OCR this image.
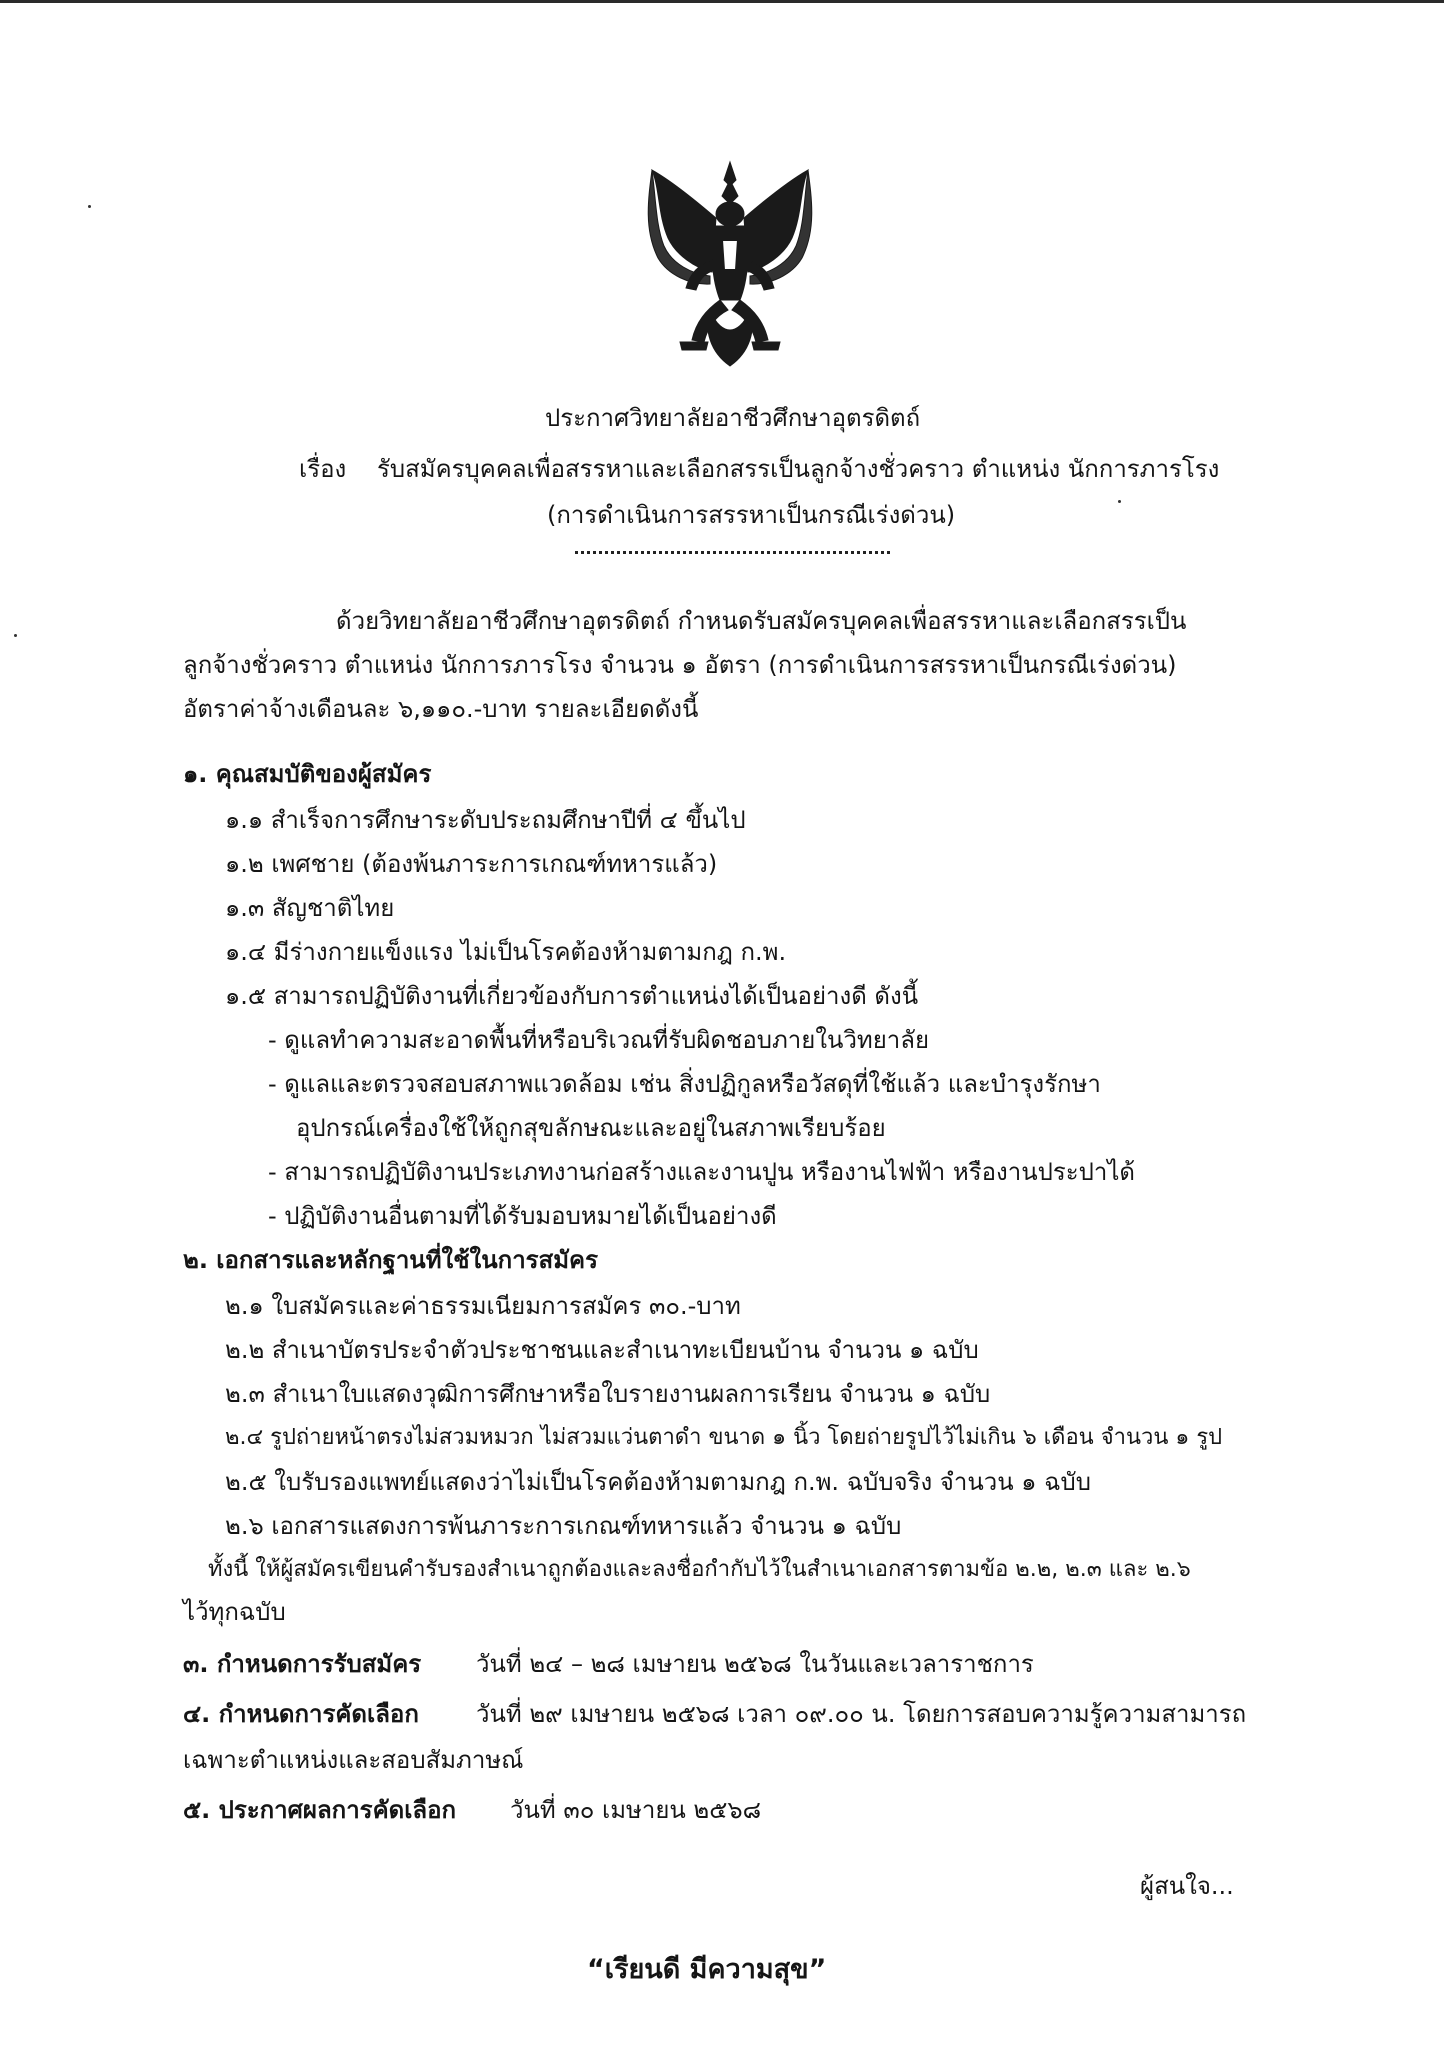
ประกาศวิทยาลัยอาชีวศึกษาอุตรดิตถ์
เรื่อง รับสมัครบุคคลเพื่อสรรหาและเลือกสรรเป็นลูกจ้างชั่วคราว ตำแหน่ง นักการภารโรง
(การดำเนินการสรรหาเป็นกรณีเร่งด่วน)
ด้วยวิทยาลัยอาชีวศึกษาอุตรดิตถ์ กำหนดรับสมัครบุคคลเพื่อสรรหาและเลือกสรรเป็น
ลูกจ้างชั่วคราว ตำแหน่ง นักการภารโรง จำนวน ๑ อัตรา (การดำเนินการสรรหาเป็นกรณีเร่งด่วน)
อัตราค่าจ้างเดือนละ ๖,๑๑๐.-บาท รายละเอียดดังนี้
๑. คุณสมบัติของผู้สมัคร
๑.๑ สำเร็จการศึกษาระดับประถมศึกษาปีที่ ๔ ขึ้นไป
๑.๒ เพศชาย (ต้องพ้นภาระการเกณฑ์ทหารแล้ว)
๑.๓ สัญชาติไทย
๑.๔ มีร่างกายแข็งแรง ไม่เป็นโรคต้องห้ามตามกฎ ก.พ.
๑.๕ สามารถปฏิบัติงานที่เกี่ยวข้องกับการตำแหน่งได้เป็นอย่างดี ดังนี้
- ดูแลทำความสะอาดพื้นที่หรือบริเวณที่รับผิดชอบภายในวิทยาลัย
- ดูแลและตรวจสอบสภาพแวดล้อม เช่น สิ่งปฏิกูลหรือวัสดุที่ใช้แล้ว และบำรุงรักษา
อุปกรณ์เครื่องใช้ให้ถูกสุขลักษณะและอยู่ในสภาพเรียบร้อย
- สามารถปฏิบัติงานประเภทงานก่อสร้างและงานปูน หรืองานไฟฟ้า หรืองานประปาได้
- ปฏิบัติงานอื่นตามที่ได้รับมอบหมายได้เป็นอย่างดี
๒. เอกสารและหลักฐานที่ใช้ในการสมัคร
๒.๑ ใบสมัครและค่าธรรมเนียมการสมัคร ๓๐.-บาท
๒.๒ สำเนาบัตรประจำตัวประชาชนและสำเนาทะเบียนบ้าน จำนวน ๑ ฉบับ
๒.๓ สำเนาใบแสดงวุฒิการศึกษาหรือใบรายงานผลการเรียน จำนวน ๑ ฉบับ
๒.๔ รูปถ่ายหน้าตรงไม่สวมหมวก ไม่สวมแว่นตาดำ ขนาด ๑ นิ้ว โดยถ่ายรูปไว้ไม่เกิน ๖ เดือน จำนวน ๑ รูป
๒.๕ ใบรับรองแพทย์แสดงว่าไม่เป็นโรคต้องห้ามตามกฎ ก.พ. ฉบับจริง จำนวน ๑ ฉบับ
๒.๖ เอกสารแสดงการพ้นภาระการเกณฑ์ทหารแล้ว จำนวน ๑ ฉบับ
ทั้งนี้ ให้ผู้สมัครเขียนคำรับรองสำเนาถูกต้องและลงชื่อกำกับไว้ในสำเนาเอกสารตามข้อ ๒.๒, ๒.๓ และ ๒.๖
ไว้ทุกฉบับ
๓. กำหนดการรับสมัคร วันที่ ๒๔ – ๒๘ เมษายน ๒๕๖๘ ในวันและเวลาราชการ
๔. กำหนดการคัดเลือก วันที่ ๒๙ เมษายน ๒๕๖๘ เวลา ๐๙.๐๐ น. โดยการสอบความรู้ความสามารถ
เฉพาะตำแหน่งและสอบสัมภาษณ์
๕. ประกาศผลการคัดเลือก วันที่ ๓๐ เมษายน ๒๕๖๘
ผู้สนใจ...
“เรียนดี มีความสุข”
